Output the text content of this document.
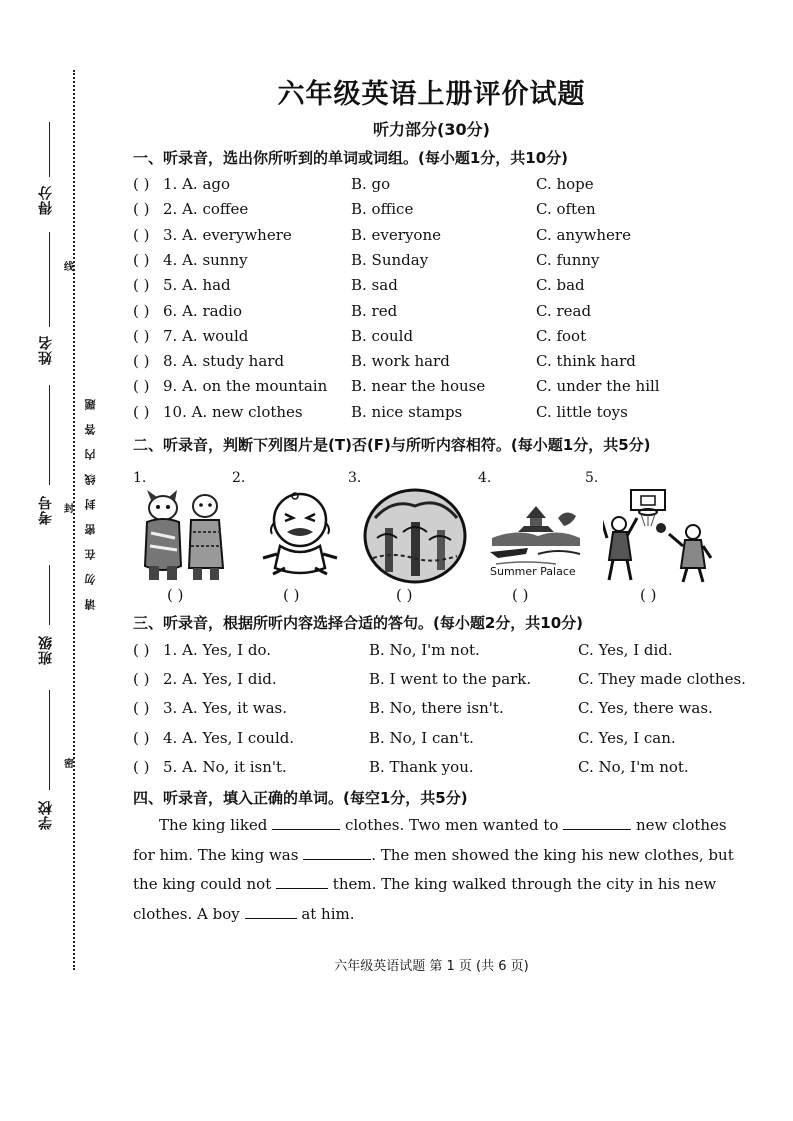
得分
姓名
考号
班级
学校
线
封
密
请勿在密封线内答题
六年级英语上册评价试题
听力部分(30分)
一、听录音，选出你所听到的单词或词组。(每小题1分，共10分)
( ) 1. A. ago	B. go	C. hope
( ) 2. A. coffee	B. office	C. often
( ) 3. A. everywhere	B. everyone	C. anywhere
( ) 4. A. sunny	B. Sunday	C. funny
( ) 5. A. had	B. sad	C. bad
( ) 6. A. radio	B. red	C. read
( ) 7. A. would	B. could	C. foot
( ) 8. A. study hard	B. work hard	C. think hard
( ) 9. A. on the mountain B. near the house	C. under the hill
( ) 10. A. new clothes	B. nice stamps	C. little toys
二、听录音，判断下列图片是(T)否(F)与所听内容相符。(每小题1分，共5分)
1.	2.	3.	4.	5.
Summer Palace
( )	( )	( )	( )	( )
三、听录音，根据所听内容选择合适的答句。(每小题2分，共10分)
( ) 1. A. Yes, I do.	B. No, I'm not.	C. Yes, I did.
( ) 2. A. Yes, I did.	B. I went to the park.	C. They made clothes.
( ) 3. A. Yes, it was.	B. No, there isn't.	C. Yes, there was.
( ) 4. A. Yes, I could.	B. No, I can't.	C. Yes, I can.
( ) 5. A. No, it isn't.	B. Thank you.	C. No, I'm not.
四、听录音，填入正确的单词。(每空1分，共5分)
The king liked	clothes. Two men wanted to	new clothes for him. The king was	. The men showed the king his new clothes, but the king could not	them. The king walked through the city in his new clothes. A boy	at him.
六年级英语试题 第 1 页 (共 6 页)
